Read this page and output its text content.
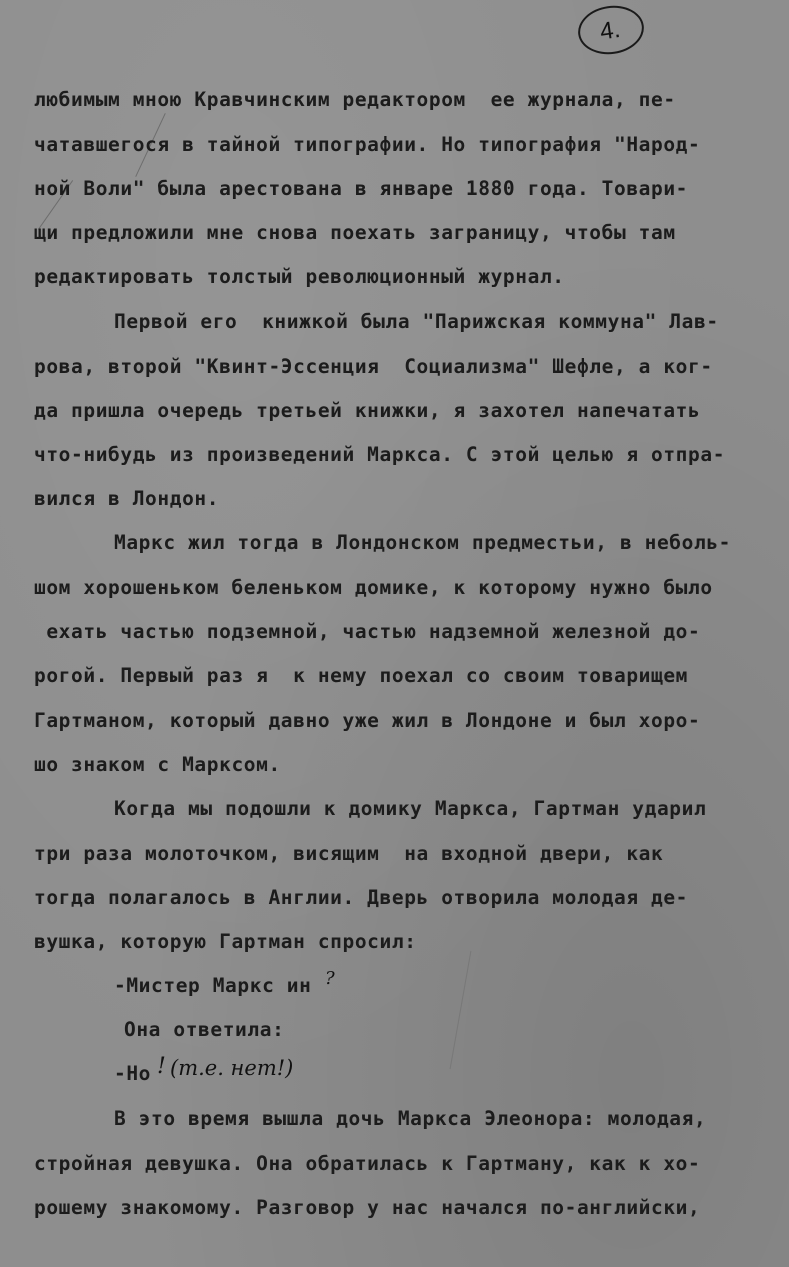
4.
любимым мною Кравчинским редактором  ее журнала, пе-
чатавшегося в тайной типографии. Но типография "Народ-
ной Воли" была арестована в январе 1880 года. Товари-
щи предложили мне снова поехать заграницу, чтобы там
редактировать толстый революционный журнал.
Первой его  книжкой была "Парижская коммуна" Лав-
рова, второй "Квинт-Эссенция  Социализма" Шефле, а ког-
да пришла очередь третьей книжки, я захотел напечатать
что-нибудь из произведений Маркса. С этой целью я отпра-
вился в Лондон.
Маркс жил тогда в Лондонском предместьи, в неболь-
шом хорошеньком беленьком домике, к которому нужно было
ехать частью подземной, частью надземной железной до-
рогой. Первый раз я  к нему поехал со своим товарищем
Гартманом, который давно уже жил в Лондоне и был хоро-
шо знаком с Марксом.
Когда мы подошли к домику Маркса, Гартман ударил
три раза молоточком, висящим  на входной двери, как
тогда полагалось в Англии. Дверь отворила молодая де-
вушка, которую Гартман спросил:
-Мистер Маркс ин ?
Она ответила:
-Но ! (т.е. нет!)
В это время вышла дочь Маркса Элеонора: молодая,
стройная девушка. Она обратилась к Гартману, как к хо-
рошему знакомому. Разговор у нас начался по-английски,
